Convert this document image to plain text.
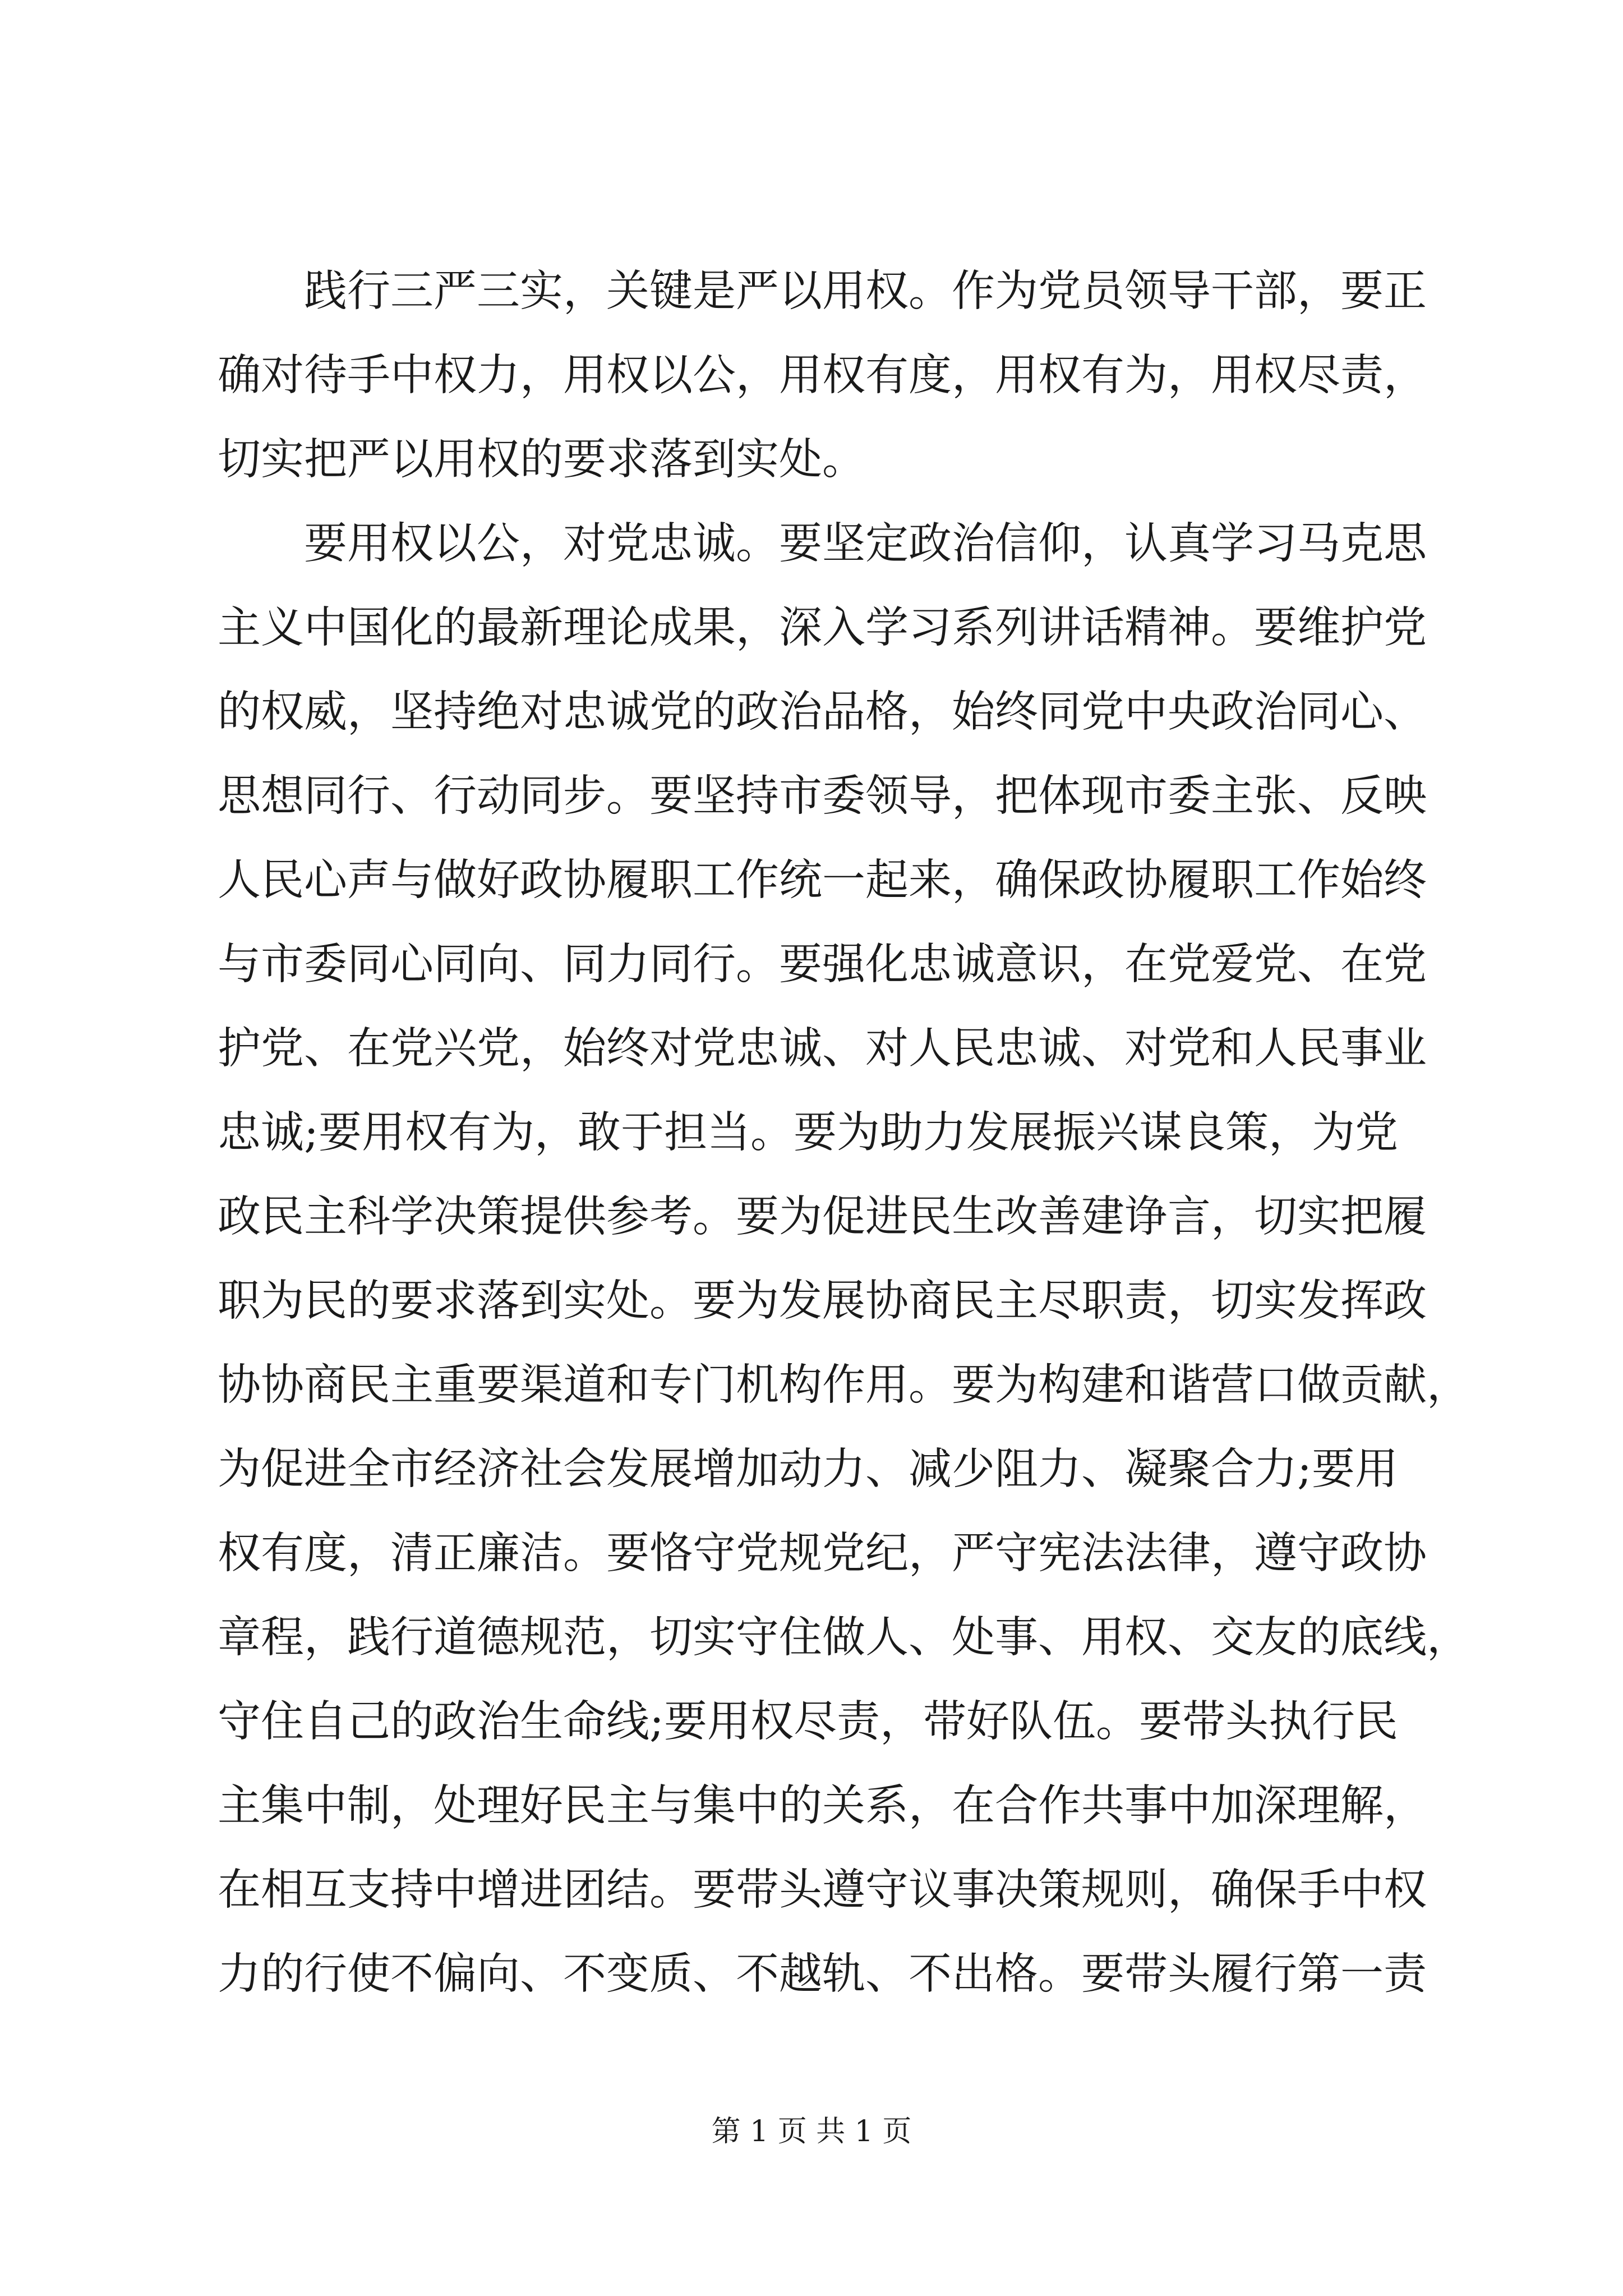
　　践行三严三实，关键是严以用权。作为党员领导干部，要正
确对待手中权力，用权以公，用权有度，用权有为，用权尽责，
切实把严以用权的要求落到实处。
　　要用权以公，对党忠诚。要坚定政治信仰，认真学习马克思
主义中国化的最新理论成果，深入学习系列讲话精神。要维护党
的权威，坚持绝对忠诚党的政治品格，始终同党中央政治同心、
思想同行、行动同步。要坚持市委领导，把体现市委主张、反映
人民心声与做好政协履职工作统一起来，确保政协履职工作始终
与市委同心同向、同力同行。要强化忠诚意识，在党爱党、在党
护党、在党兴党，始终对党忠诚、对人民忠诚、对党和人民事业
忠诚;要用权有为，敢于担当。要为助力发展振兴谋良策，为党
政民主科学决策提供参考。要为促进民生改善建诤言，切实把履
职为民的要求落到实处。要为发展协商民主尽职责，切实发挥政
协协商民主重要渠道和专门机构作用。要为构建和谐营口做贡献，
为促进全市经济社会发展增加动力、减少阻力、凝聚合力;要用
权有度，清正廉洁。要恪守党规党纪，严守宪法法律，遵守政协
章程，践行道德规范，切实守住做人、处事、用权、交友的底线，
守住自己的政治生命线;要用权尽责，带好队伍。要带头执行民
主集中制，处理好民主与集中的关系，在合作共事中加深理解，
在相互支持中增进团结。要带头遵守议事决策规则，确保手中权
力的行使不偏向、不变质、不越轨、不出格。要带头履行第一责
第 1 页 共 1 页
